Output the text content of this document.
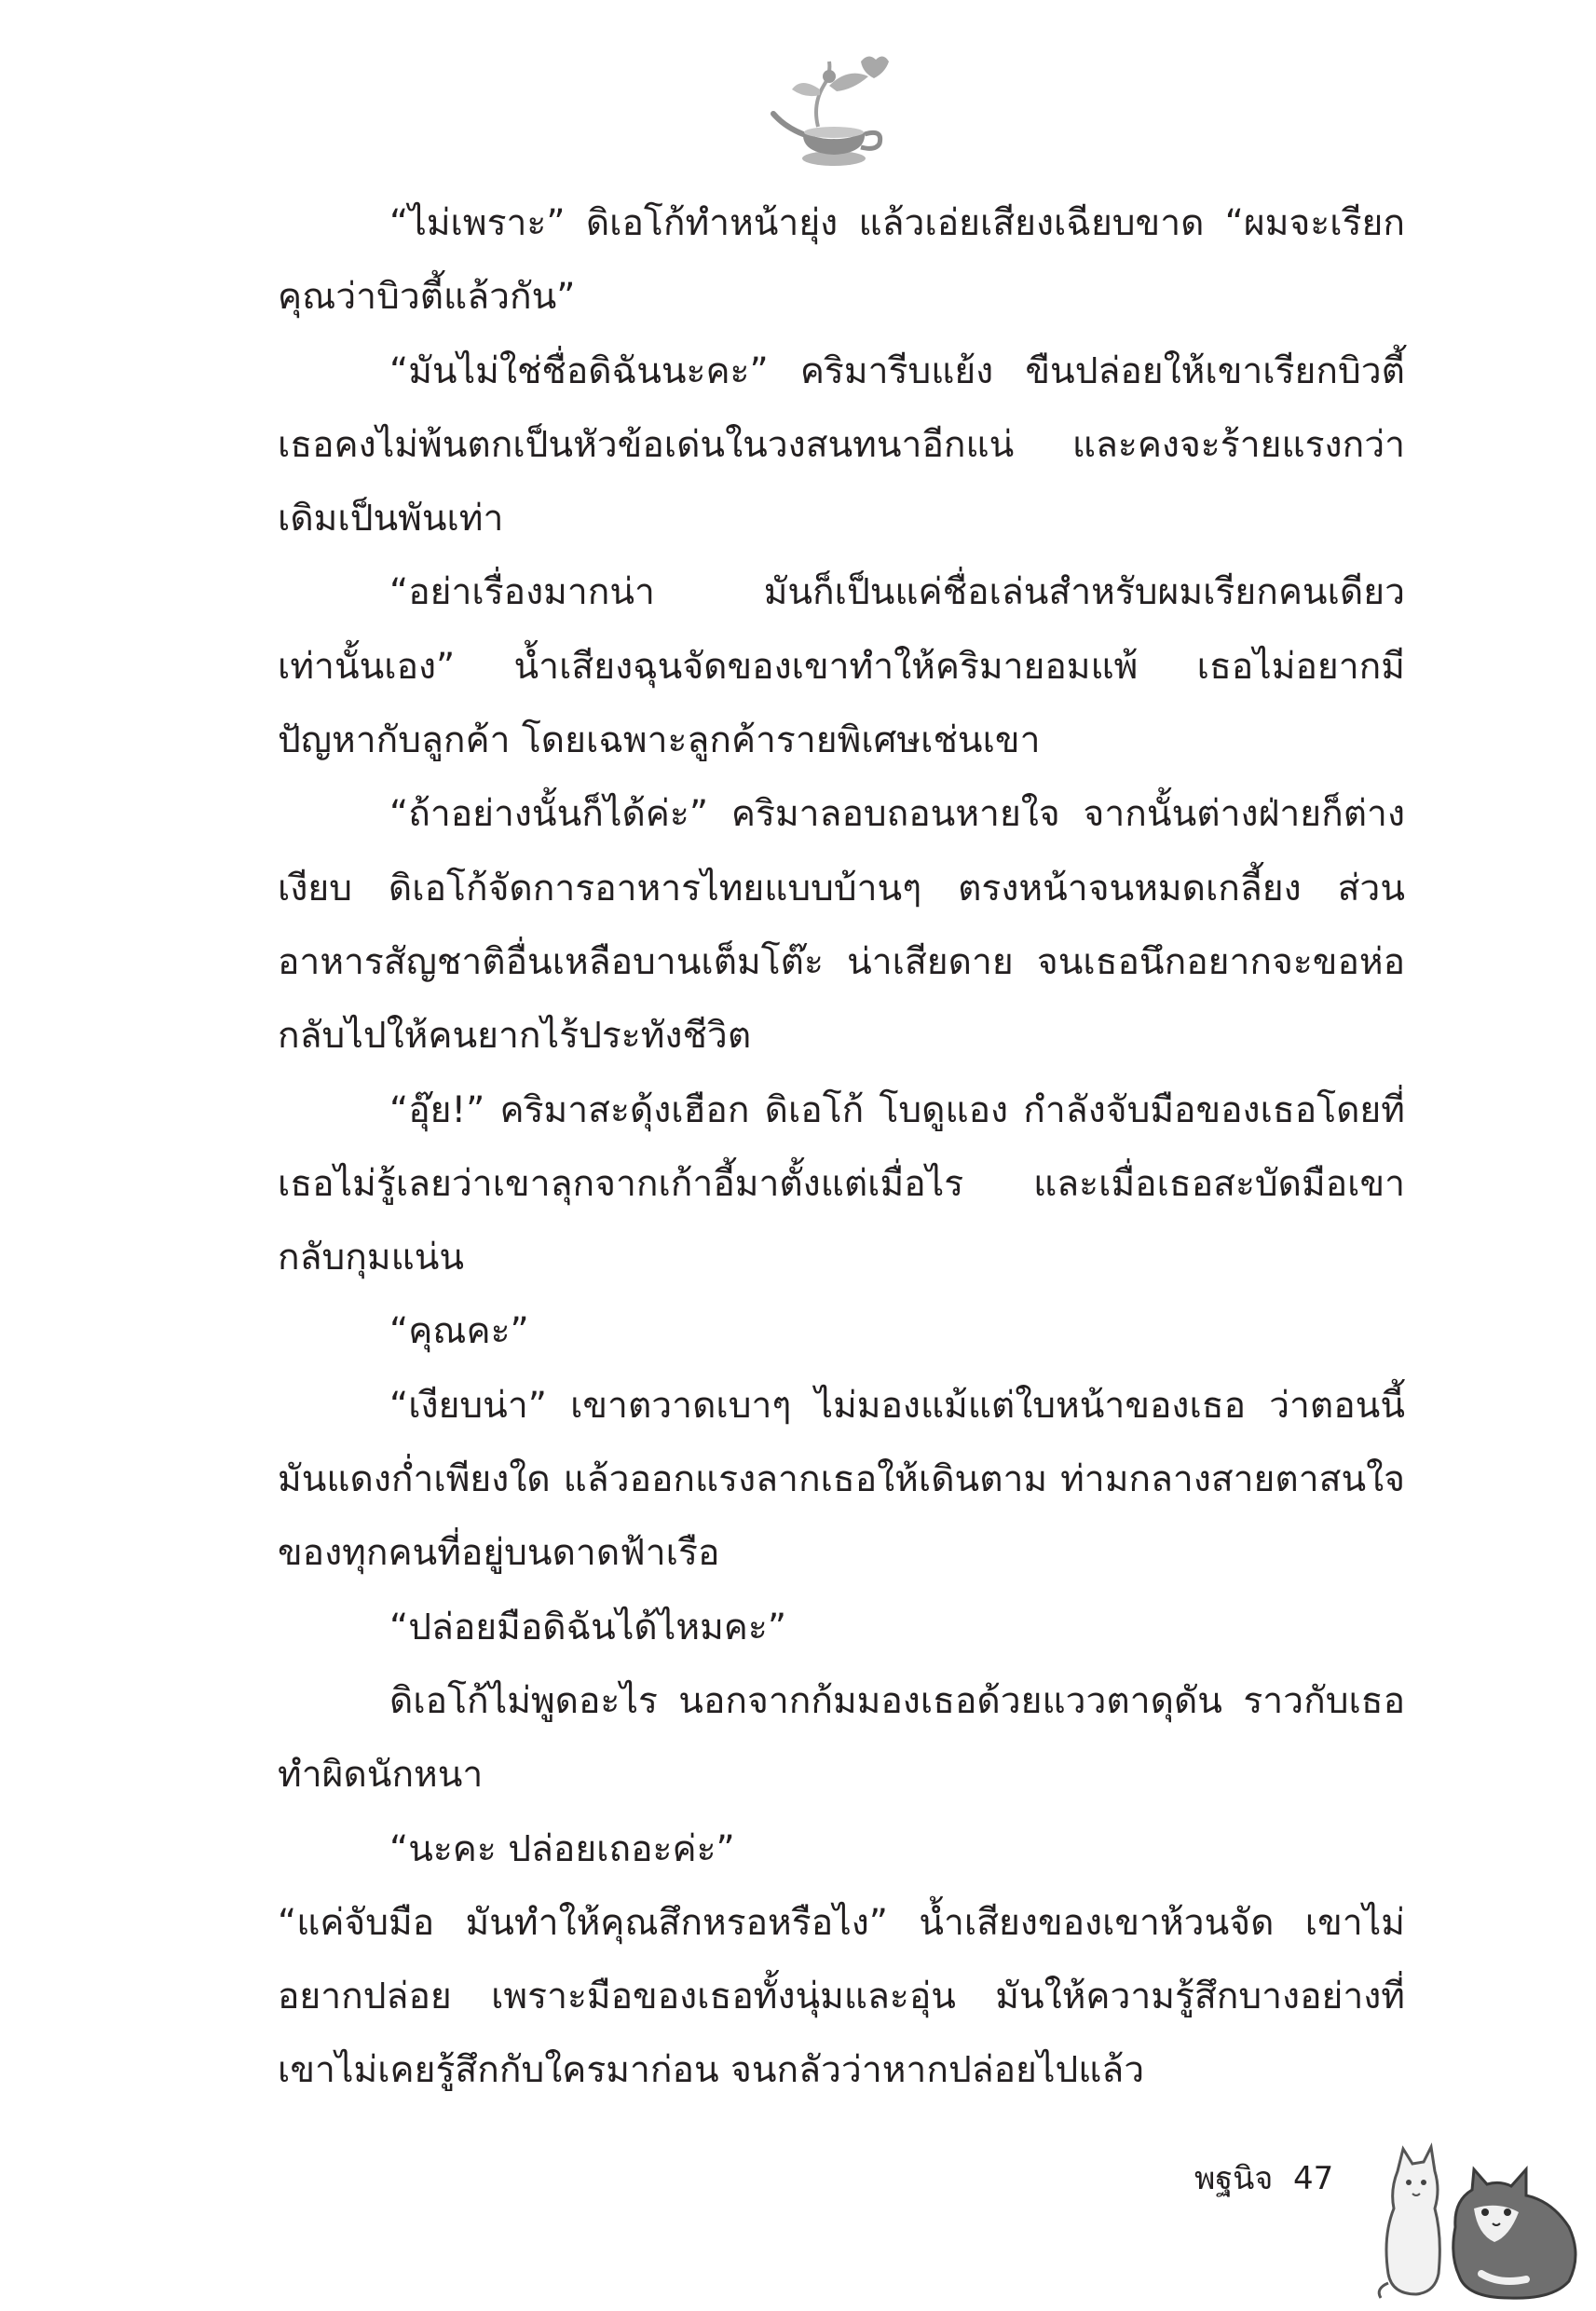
“ไม่เพราะ” ดิเอโก้ทำหน้ายุ่ง แล้วเอ่ยเสียงเฉียบขาด “ผมจะเรียกคุณว่าบิวตี้แล้วกัน”

“มันไม่ใช่ชื่อดิฉันนะคะ” คริมารีบแย้ง ขืนปล่อยให้เขาเรียกบิวตี้ เธอคงไม่พ้นตกเป็นหัวข้อเด่นในวงสนทนาอีกแน่ และคงจะร้ายแรงกว่าเดิมเป็นพันเท่า

“อย่าเรื่องมากน่า มันก็เป็นแค่ชื่อเล่นสำหรับผมเรียกคนเดียวเท่านั้นเอง” น้ำเสียงฉุนจัดของเขาทำให้คริมายอมแพ้ เธอไม่อยากมีปัญหากับลูกค้า โดยเฉพาะลูกค้ารายพิเศษเช่นเขา

“ถ้าอย่างนั้นก็ได้ค่ะ” คริมาลอบถอนหายใจ จากนั้นต่างฝ่ายก็ต่างเงียบ ดิเอโก้จัดการอาหารไทยแบบบ้านๆ ตรงหน้าจนหมดเกลี้ยง ส่วนอาหารสัญชาติอื่นเหลือบานเต็มโต๊ะ น่าเสียดาย จนเธอนึกอยากจะขอห่อกลับไปให้คนยากไร้ประทังชีวิต

“อุ๊ย!” คริมาสะดุ้งเฮือก ดิเอโก้ โบดูแอง กำลังจับมือของเธอโดยที่เธอไม่รู้เลยว่าเขาลุกจากเก้าอี้มาตั้งแต่เมื่อไร และเมื่อเธอสะบัดมือเขากลับกุมแน่น

“คุณคะ”

“เงียบน่า” เขาตวาดเบาๆ ไม่มองแม้แต่ใบหน้าของเธอ ว่าตอนนี้มันแดงก่ำเพียงใด แล้วออกแรงลากเธอให้เดินตาม ท่ามกลางสายตาสนใจของทุกคนที่อยู่บนดาดฟ้าเรือ

“ปล่อยมือดิฉันได้ไหมคะ”

ดิเอโก้ไม่พูดอะไร นอกจากก้มมองเธอด้วยแววตาดุดัน ราวกับเธอทำผิดนักหนา

“นะคะ ปล่อยเถอะค่ะ”

“แค่จับมือ มันทำให้คุณสึกหรอหรือไง” น้ำเสียงของเขาห้วนจัด เขาไม่อยากปล่อย เพราะมือของเธอทั้งนุ่มและอุ่น มันให้ความรู้สึกบางอย่างที่เขาไม่เคยรู้สึกกับใครมาก่อน จนกลัวว่าหากปล่อยไปแล้ว

พฐนิจ 47
